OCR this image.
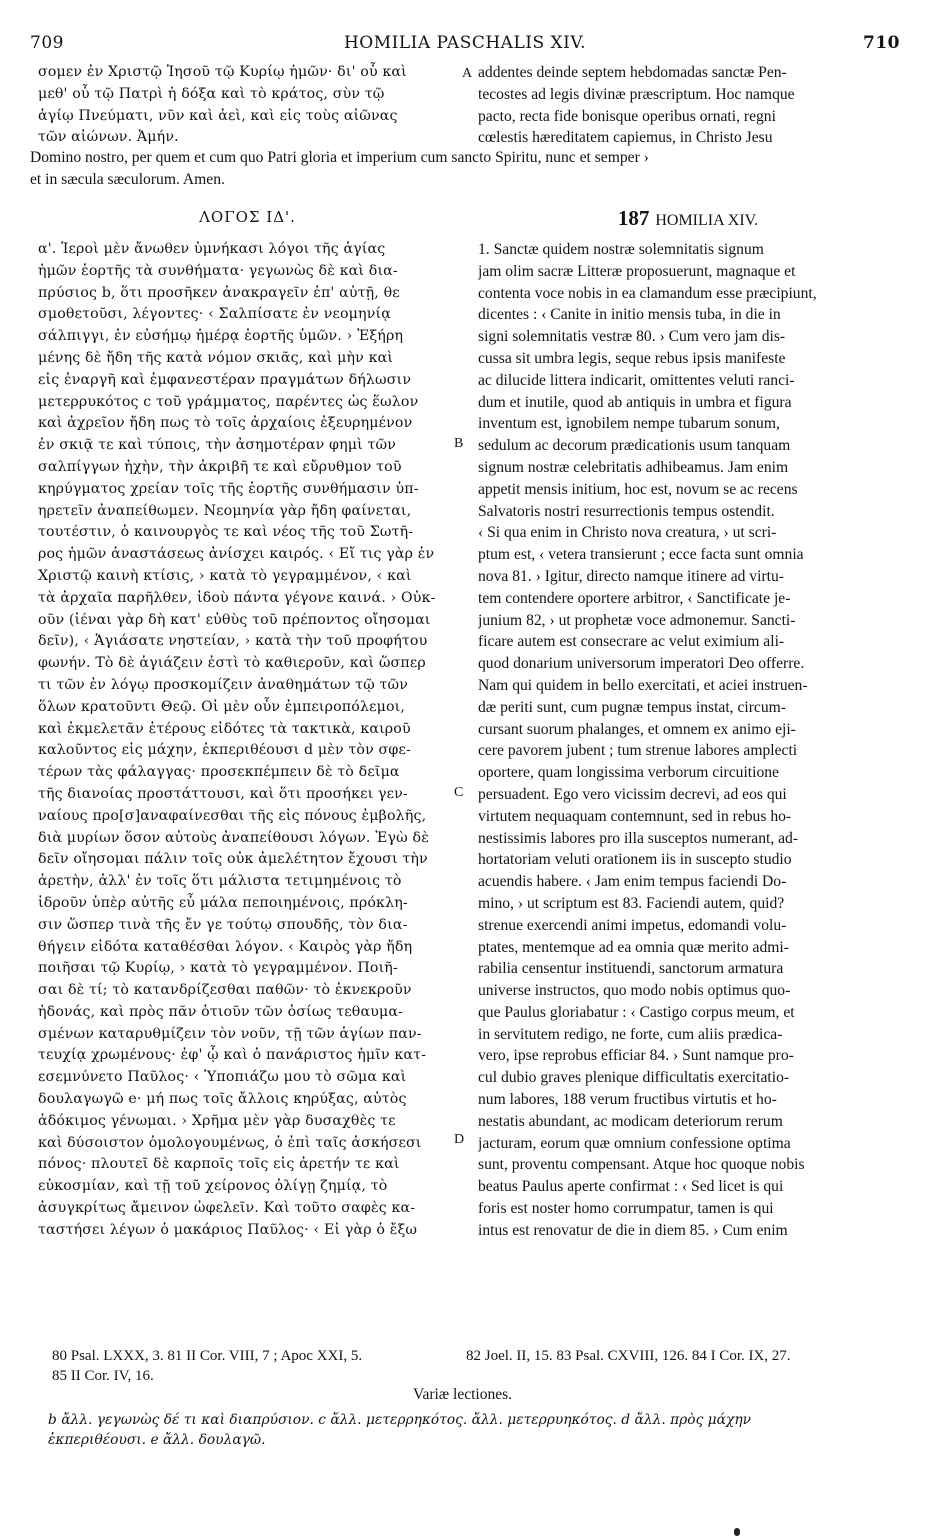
709	HOMILIA PASCHALIS XIV.	710
σομεν ἐν Χριστῷ Ἰησοῦ τῷ Κυρίῳ ἡμῶν· δι' οὗ καὶ
μεθ' οὗ τῷ Πατρὶ ἡ δόξα καὶ τὸ κράτος, σὺν τῷ
ἁγίῳ Πνεύματι, νῦν καὶ ἀεὶ, καὶ εἰς τοὺς αἰῶνας
τῶν αἰώνων. Ἀμήν.
addentes deinde septem hebdomadas sanctæ Pen-
tecostes ad legis divinæ præscriptum. Hoc namque
pacto, recta fide bonisque operibus ornati, regni
cœlestis hæreditatem capiemus, in Christo Jesu
Domino nostro, per quem et cum quo Patri gloria et imperium cum sancto Spiritu, nunc et semper ›
et in sæcula sæculorum. Amen.
ΛΟΓΟΣ ΙΔ'.	187 HOMILIA XIV.
α'. Ἱεροὶ μὲν ἄνωθεν ὑμνήκασι λόγοι τῆς ἁγίας
ἡμῶν ἑορτῆς τὰ συνθήματα· γεγωνὼς δὲ καὶ δια-
πρύσιος b, ὅτι προσῆκεν ἀνακραγεῖν ἐπ' αὐτῇ, θε
σμοθετοῦσι, λέγοντες· ‹ Σαλπίσατε ἐν νεομηνίᾳ
σάλπιγγι, ἐν εὐσήμῳ ἡμέρᾳ ἑορτῆς ὑμῶν. › Ἐξήρη
μένης δὲ ἤδη τῆς κατὰ νόμον σκιᾶς, καὶ μὴν καὶ
εἰς ἐναργῆ καὶ ἐμφανεστέραν πραγμάτων δήλωσιν
μετερρυκότος c τοῦ γράμματος, παρέντες ὡς ἕωλον
καὶ ἀχρεῖον ἤδη πως τὸ τοῖς ἀρχαίοις ἐξευρημένον
ἐν σκιᾷ τε καὶ τύποις, τὴν ἀσημοτέραν φημὶ τῶν
σαλπίγγων ἠχὴν, τὴν ἀκριβῆ τε καὶ εὔρυθμον τοῦ
κηρύγματος χρείαν τοῖς τῆς ἑορτῆς συνθήμασιν ὑπ-
ηρετεῖν ἀναπείθωμεν. Νεομηνία γὰρ ἤδη φαίνεται,
τουτέστιν, ὁ καινουργὸς τε καὶ νέος τῆς τοῦ Σωτῆ-
ρος ἡμῶν ἀναστάσεως ἀνίσχει καιρός. ‹ Εἴ τις γὰρ ἐν
Χριστῷ καινὴ κτίσις, › κατὰ τὸ γεγραμμένον, ‹ καὶ
τὰ ἀρχαῖα παρῆλθεν, ἰδοὺ πάντα γέγονε καινά. › Οὐκ-
οῦν (ἰέναι γὰρ δὴ κατ' εὐθὺς τοῦ πρέποντος οἴησομαι
δεῖν), ‹ Ἁγιάσατε νηστείαν, › κατὰ τὴν τοῦ προφήτου
φωνήν. Τὸ δὲ ἁγιάζειν ἐστὶ τὸ καθιεροῦν, καὶ ὥσπερ
τι τῶν ἐν λόγῳ προσκομίζειν ἀναθημάτων τῷ τῶν
ὅλων κρατοῦντι Θεῷ. Οἱ μὲν οὖν ἐμπειροπόλεμοι,
καὶ ἐκμελετᾶν ἑτέρους εἰδότες τὰ τακτικὰ, καιροῦ
καλοῦντος εἰς μάχην, ἐκπεριθέουσι d μὲν τὸν σφε-
τέρων τὰς φάλαγγας· προσεκπέμπειν δὲ τὸ δεῖμα
τῆς διανοίας προστάττουσι, καὶ ὅτι προσήκει γεν-
ναίους προ[σ]αναφαίνεσθαι τῆς εἰς πόνους ἐμβολῆς,
διὰ μυρίων ὅσον αὐτοὺς ἀναπείθουσι λόγων. Ἐγὼ δὲ
δεῖν οἴησομαι πάλιν τοῖς οὐκ ἀμελέτητον ἔχουσι τὴν
ἀρετὴν, ἀλλ' ἐν τοῖς ὅτι μάλιστα τετιμημένοις τὸ
ἱδροῦν ὑπὲρ αὐτῆς εὖ μάλα πεποιημένοις, πρόκλη-
σιν ὥσπερ τινὰ τῆς ἔν γε τούτῳ σπουδῆς, τὸν δια-
θήγειν εἰδότα καταθέσθαι λόγον. ‹ Καιρὸς γὰρ ἤδη
ποιῆσαι τῷ Κυρίῳ, › κατὰ τὸ γεγραμμένον. Ποιῆ-
σαι δὲ τί; τὸ κατανδρίζεσθαι παθῶν· τὸ ἐκνεκροῦν
ἡδονάς, καὶ πρὸς πᾶν ὁτιοῦν τῶν ὁσίως τεθαυμα-
σμένων καταρυθμίζειν τὸν νοῦν, τῇ τῶν ἁγίων παν-
τευχίᾳ χρωμένους· ἐφ' ᾧ καὶ ὁ πανάριστος ἡμῖν κατ-
εσεμνύνετο Παῦλος· ‹ Ὑποπιάζω μου τὸ σῶμα καὶ
δουλαγωγῶ e· μή πως τοῖς ἄλλοις κηρύξας, αὐτὸς
ἀδόκιμος γένωμαι. › Χρῆμα μὲν γὰρ δυσαχθὲς τε
καὶ δύσοιστον ὁμολογουμένως, ὁ ἐπὶ ταῖς ἀσκήσεσι
πόνος· πλουτεῖ δὲ καρποῖς τοῖς εἰς ἀρετήν τε καὶ
εὐκοσμίαν, καὶ τῇ τοῦ χείρονος ὀλίγῃ ζημίᾳ, τὸ
ἀσυγκρίτως ἄμεινον ὠφελεῖν. Καὶ τοῦτο σαφὲς κα-
ταστήσει λέγων ὁ μακάριος Παῦλος· ‹ Εἰ γὰρ ὁ ἔξω
1. Sanctæ quidem nostræ solemnitatis signum
jam olim sacræ Litteræ proposuerunt, magnaque et
contenta voce nobis in ea clamandum esse præcipiunt,
dicentes : ‹ Canite in initio mensis tuba, in die in
signi solemnitatis vestræ 80. › Cum vero jam dis-
cussa sit umbra legis, seque rebus ipsis manifeste
ac dilucide littera indicarit, omittentes veluti ranci-
dum et inutile, quod ab antiquis in umbra et figura
inventum est, ignobilem nempe tubarum sonum,
sedulum ac decorum prædicationis usum tanquam
signum nostræ celebritatis adhibeamus. Jam enim
appetit mensis initium, hoc est, novum se ac recens
Salvatoris nostri resurrectionis tempus ostendit.
‹ Si qua enim in Christo nova creatura, › ut scri-
ptum est, ‹ vetera transierunt ; ecce facta sunt omnia
nova 81. › Igitur, directo namque itinere ad virtu-
tem contendere oportere arbitror, ‹ Sanctificate je-
junium 82, › ut prophetæ voce admonemur. Sancti-
ficare autem est consecrare ac velut eximium ali-
quod donarium universorum imperatori Deo offerre.
Nam qui quidem in bello exercitati, et aciei instruen-
dæ periti sunt, cum pugnæ tempus instat, circum-
cursant suorum phalanges, et omnem ex animo eji-
cere pavorem jubent ; tum strenue labores amplecti
oportere, quam longissima verborum circuitione
persuadent. Ego vero vicissim decrevi, ad eos qui
virtutem nequaquam contemnunt, sed in rebus ho-
nestissimis labores pro illa susceptos numerant, ad-
hortatoriam veluti orationem iis in suscepto studio
acuendis habere. ‹ Jam enim tempus faciendi Do-
mino, › ut scriptum est 83. Faciendi autem, quid?
strenue exercendi animi impetus, edomandi volu-
ptates, mentemque ad ea omnia quæ merito admi-
rabilia censentur instituendi, sanctorum armatura
universe instructos, quo modo nobis optimus quo-
que Paulus gloriabatur : ‹ Castigo corpus meum, et
in servitutem redigo, ne forte, cum aliis prædica-
vero, ipse reprobus efficiar 84. › Sunt namque pro-
cul dubio graves plenique difficultatis exercitatio-
num labores, 188 verum fructibus virtutis et ho-
nestatis abundant, ac modicam deteriorum rerum
jacturam, eorum quæ omnium confessione optima
sunt, proventu compensant. Atque hoc quoque nobis
beatus Paulus aperte confirmat : ‹ Sed licet is qui
foris est noster homo corrumpatur, tamen is qui
intus est renovatur de die in diem 85. › Cum enim
A
B
C
D
80 Psal. LXXX, 3. 81 II Cor. VIII, 7 ; Apoc XXI, 5.
85 II Cor. IV, 16.
82 Joel. II, 15. 83 Psal. CXVIII, 126. 84 I Cor. IX, 27.
Variæ lectiones.
b ἄλλ. γεγωνὼς δέ τι καὶ διαπρύσιον. c ἄλλ. μετερρηκότος. ἄλλ. μετερρυηκότος. d ἄλλ. πρὸς μάχην
ἐκπεριθέουσι. e ἄλλ. δουλαγῶ.
